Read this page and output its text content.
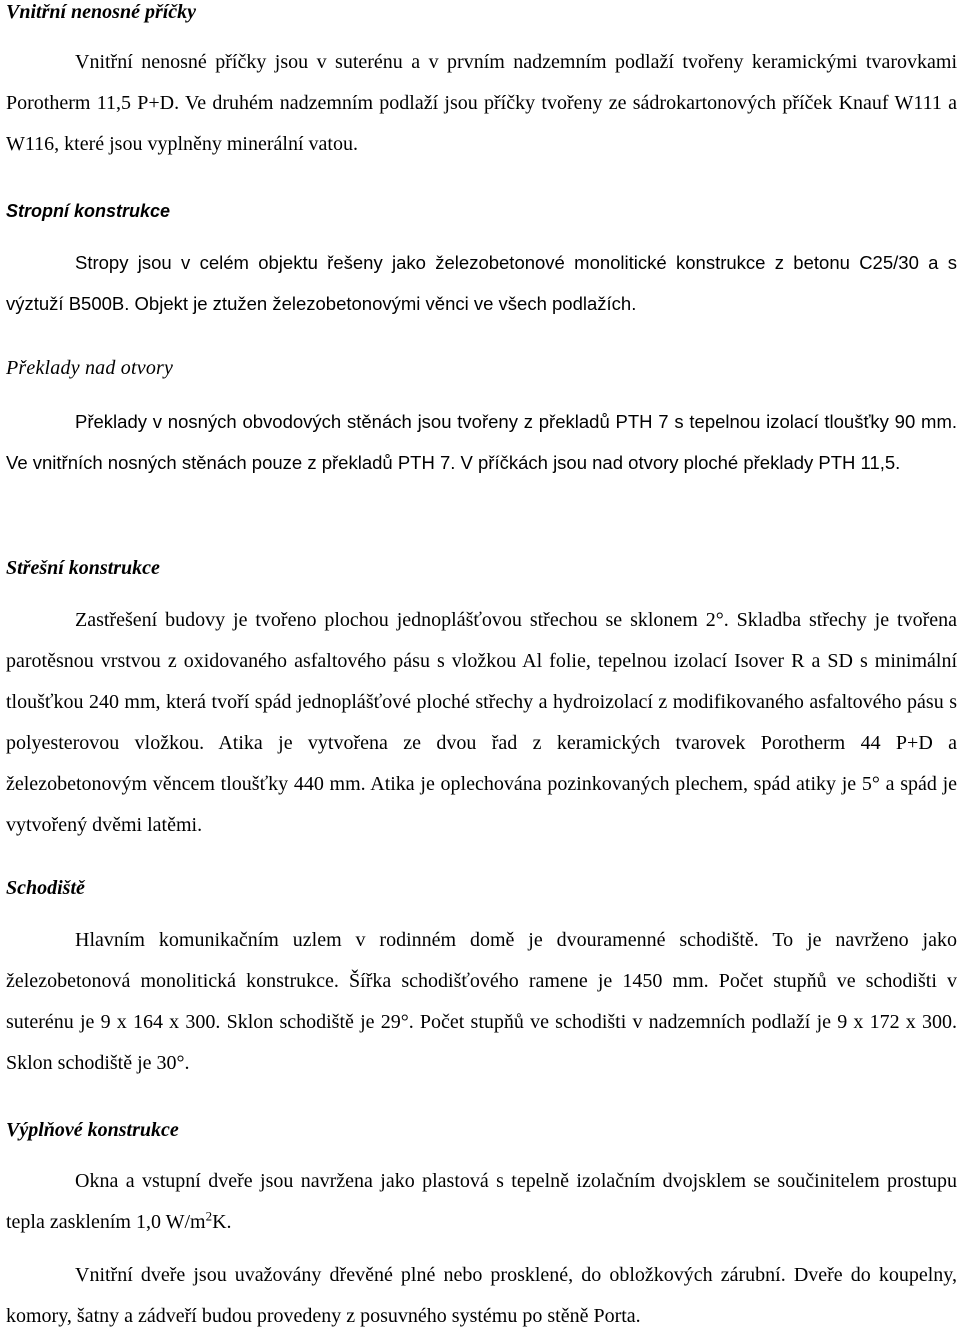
Vnitřní nenosné příčky

Vnitřní nenosné příčky jsou v suterénu a v prvním nadzemním podlaží tvořeny keramickými tvarovkami Porotherm 11,5 P+D. Ve druhém nadzemním podlaží jsou příčky tvořeny ze sádrokartonových příček Knauf W111 a W116, které jsou vyplněny minerální vatou.

Stropní konstrukce

Stropy jsou v celém objektu řešeny jako železobetonové monolitické konstrukce z betonu C25/30 a s výztuží B500B. Objekt je ztužen železobetonovými věnci ve všech podlažích.

Překlady nad otvory

Překlady v nosných obvodových stěnách jsou tvořeny z překladů PTH 7 s tepelnou izolací tloušťky 90 mm. Ve vnitřních nosných stěnách pouze z překladů PTH 7. V příčkách jsou nad otvory ploché překlady PTH 11,5.

Střešní konstrukce

Zastřešení budovy je tvořeno plochou jednoplášťovou střechou se sklonem 2°. Skladba střechy je tvořena parotěsnou vrstvou z oxidovaného asfaltového pásu s vložkou Al folie, tepelnou izolací Isover R a SD s minimální tloušťkou 240 mm, která tvoří spád jednoplášťové ploché střechy a hydroizolací z modifikovaného asfaltového pásu s polyesterovou vložkou. Atika je vytvořena ze dvou řad z keramických tvarovek Porotherm 44 P+D a železobetonovým věncem tloušťky 440 mm. Atika je oplechována pozinkovaných plechem, spád atiky je 5° a spád je vytvořený dvěmi latěmi.

Schodiště

Hlavním komunikačním uzlem v rodinném domě je dvouramenné schodiště. To je navrženo jako železobetonová monolitická konstrukce. Šířka schodišťového ramene je 1450 mm. Počet stupňů ve schodišti v suterénu je 9 x 164 x 300. Sklon schodiště je 29°. Počet stupňů ve schodišti v nadzemních podlaží je 9 x 172 x 300. Sklon schodiště je 30°.

Výplňové konstrukce

Okna a vstupní dveře jsou navržena jako plastová s tepelně izolačním dvojsklem se součinitelem prostupu tepla zasklením 1,0 $W/m^2K$.

Vnitřní dveře jsou uvažovány dřevěné plné nebo prosklené, do obložkových zárubní. Dveře do koupelny, komory, šatny a zádveří budou provedeny z posuvného systému po stěně Porta.
